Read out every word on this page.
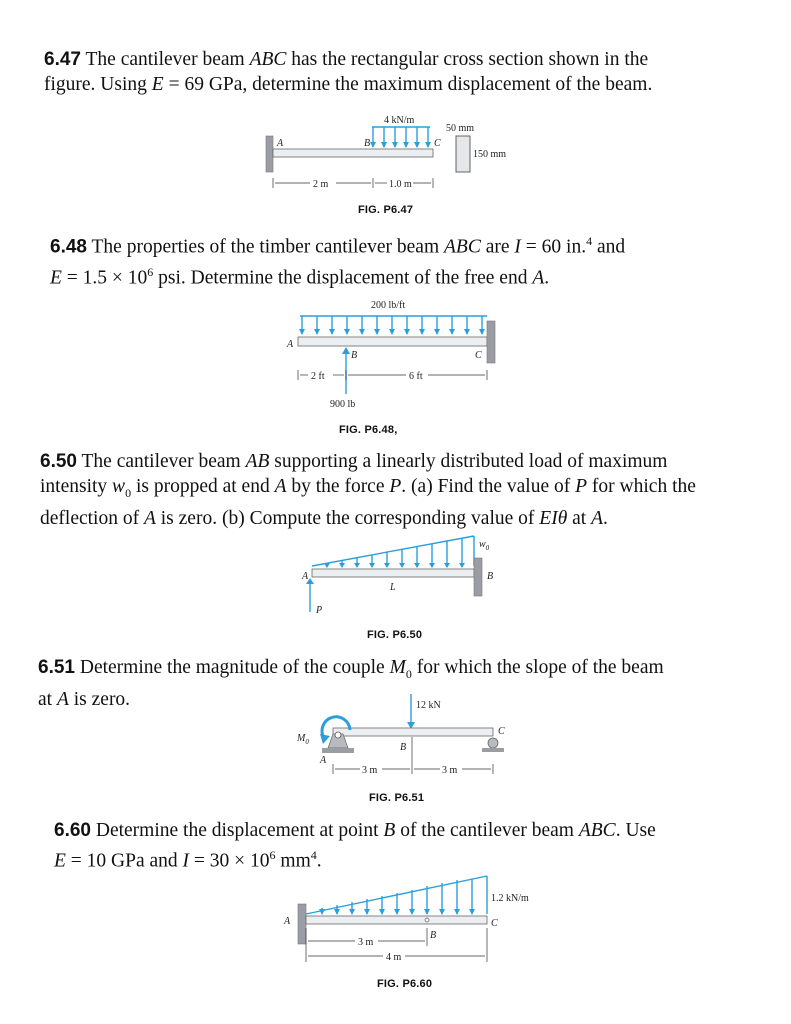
6.47 The cantilever beam ABC has the rectangular cross section shown in the
figure. Using E = 69 GPa, determine the maximum displacement of the beam.
4 kN/m
A	B	C
50 mm
150 mm
2 m	1.0 m
FIG. P6.47
6.48 The properties of the timber cantilever beam ABC are I = 60 in.$^4$ and
$E = 1.5 \times 10^6$ psi. Determine the displacement of the free end A.
200 lb/ft
A
B	C
900 lb
2 ft	6 ft
FIG. P6.48,
6.50 The cantilever beam AB supporting a linearly distributed load of maximum
intensity $w_0$ is propped at end A by the force P. (a) Find the value of P for which the
deflection of A is zero. (b) Compute the corresponding value of EIθ at A.
$w_0$
A	B
L
P
FIG. P6.50
6.51 Determine the magnitude of the couple $M_0$ for which the slope of the beam
at A is zero.	12 kN
$M_0$
A
B
C
3 m	3 m
FIG. P6.51
6.60 Determine the displacement at point B of the cantilever beam ABC. Use
E = 10 GPa and $I = 30 \times 10^6$ $mm^4$.
1.2 kN/m
A	C
B
3 m
4 m
FIG. P6.60
